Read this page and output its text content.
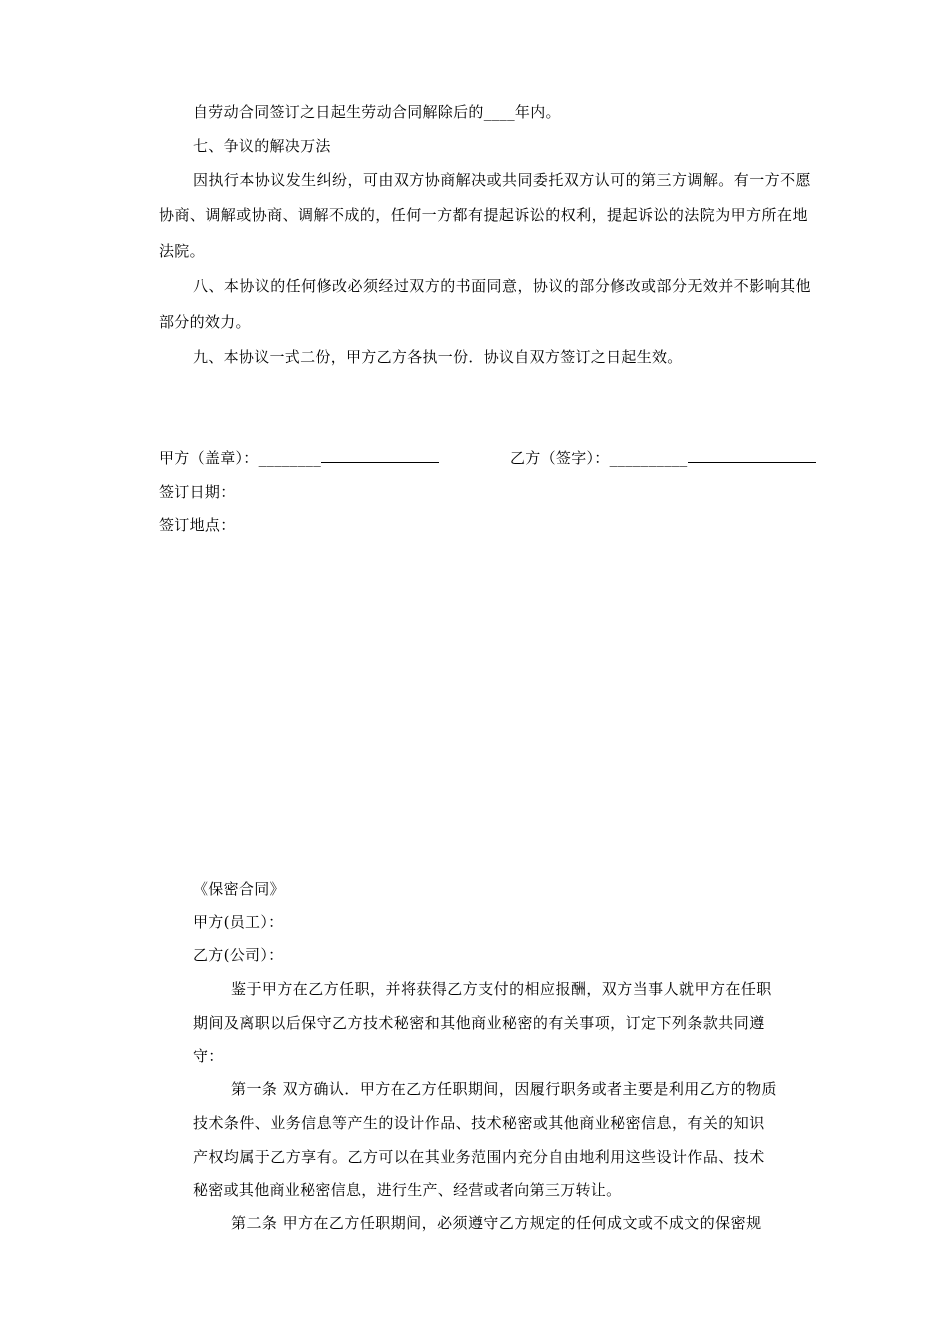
自劳动合同签订之日起生劳动合同解除后的____年内。
七、争议的解决万法
因执行本协议发生纠纷，可由双方协商解决或共同委托双方认可的第三方调解。有一方不愿
协商、调解或协商、调解不成的，任何一方都有提起诉讼的权利，提起诉讼的法院为甲方所在地
法院。
八、本协议的任何修改必须经过双方的书面同意，协议的部分修改或部分无效并不影响其他
部分的效力。
九、本协议一式二份，甲方乙方各执一份．协议自双方签订之日起生效。
甲方（盖章）：________	乙方（签字）：__________
签订日期：
签订地点：
《保密合同》
甲方(员工）：
乙方(公司）：
鉴于甲方在乙方任职，并将获得乙方支付的相应报酬，双方当事人就甲方在任职
期间及离职以后保守乙方技术秘密和其他商业秘密的有关事项，订定下列条款共同遵
守：
第一条 双方确认．甲方在乙方任职期间，因履行职务或者主要是利用乙方的物质
技术条件、业务信息等产生的设计作品、技术秘密或其他商业秘密信息，有关的知识
产权均属于乙方享有。乙方可以在其业务范围内充分自由地利用这些设计作品、技术
秘密或其他商业秘密信息，进行生产、经营或者向第三万转让。
第二条 甲方在乙方任职期间，必须遵守乙方规定的任何成文或不成文的保密规
